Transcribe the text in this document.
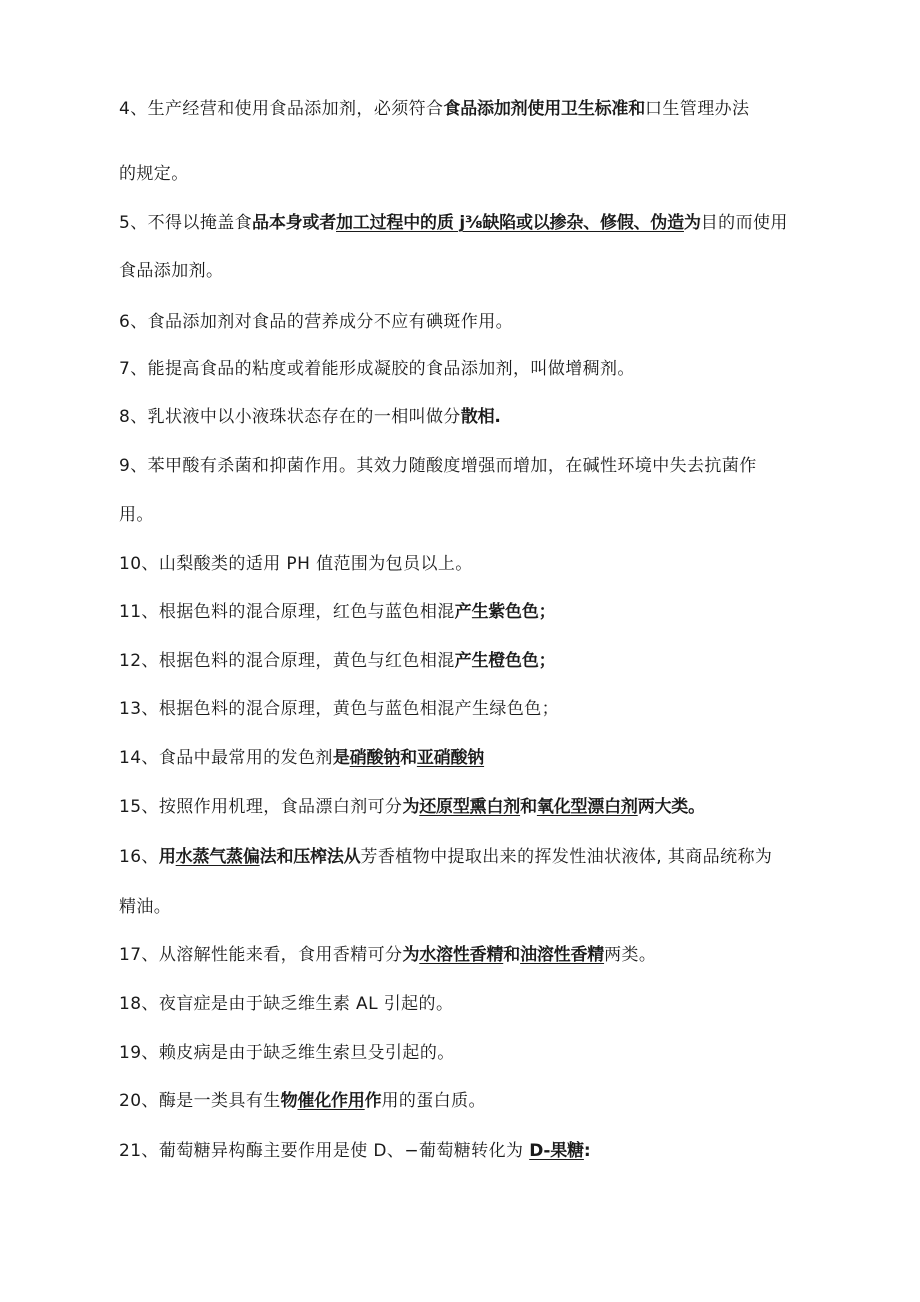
4、生产经营和使用食品添加剂，必须符合食品添加剂使用卫生标准和口生管理办法
的规定。
5、不得以掩盖食品本身或者加工过程中的质 j⅜缺陷或以掺杂、修假、伪造为目的而使用
食品添加剂。
6、食品添加剂对食品的营养成分不应有碘斑作用。
7、能提高食品的粘度或着能形成凝胶的食品添加剂，叫做增稠剂。
8、乳状液中以小液珠状态存在的一相叫做分散相.
9、苯甲酸有杀菌和抑菌作用。其效力随酸度增强而增加，在碱性环境中失去抗菌作
用。
10、山梨酸类的适用 PH 值范围为包员以上。
11、根据色料的混合原理，红色与蓝色相混产生紫色色；
12、根据色料的混合原理，黄色与红色相混产生橙色色；
13、根据色料的混合原理，黄色与蓝色相混产生绿色色；
14、食品中最常用的发色剂是硝酸钠和亚硝酸钠
15、按照作用机理，食品漂白剂可分为还原型熏白剂和氧化型漂白剂两大类。
16、用水蒸气蒸偏法和压榨法从芳香植物中提取出来的挥发性油状液体, 其商品统称为
精油。
17、从溶解性能来看，食用香精可分为水溶性香精和油溶性香精两类。
18、夜盲症是由于缺乏维生素 AL 引起的。
19、赖皮病是由于缺乏维生索旦殳引起的。
20、酶是一类具有生物催化作用作用的蛋白质。
21、葡萄糖异构酶主要作用是使 D、−葡萄糖转化为 D-果糖:
